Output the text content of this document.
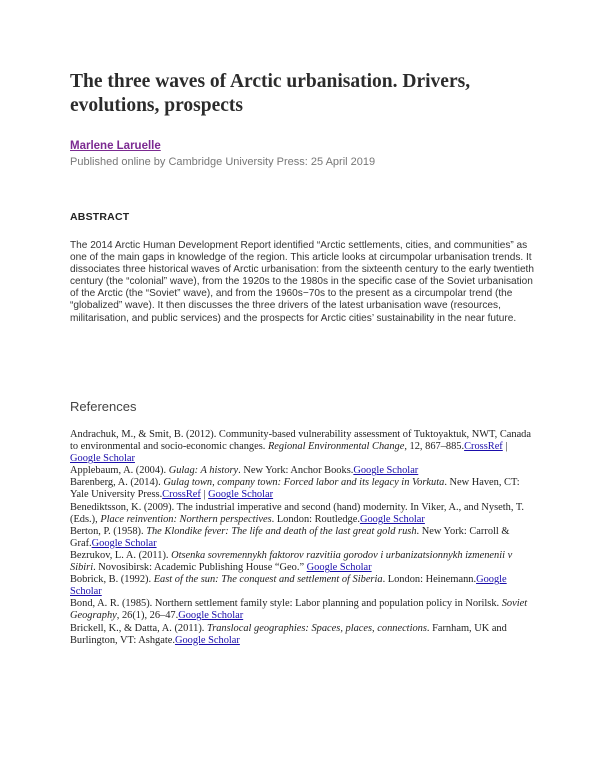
The three waves of Arctic urbanisation. Drivers, evolutions, prospects
Marlene Laruelle
Published online by Cambridge University Press: 25 April 2019
ABSTRACT

The 2014 Arctic Human Development Report identified “Arctic settlements, cities, and communities” as one of the main gaps in knowledge of the region. This article looks at circumpolar urbanisation trends. It dissociates three historical waves of Arctic urbanisation: from the sixteenth century to the early twentieth century (the “colonial” wave), from the 1920s to the 1980s in the specific case of the Soviet urbanisation of the Arctic (the “Soviet” wave), and from the 1960s−70s to the present as a circumpolar trend (the “globalized” wave). It then discusses the three drivers of the latest urbanisation wave (resources, militarisation, and public services) and the prospects for Arctic cities’ sustainability in the near future.

References

Andrachuk, M., & Smit, B. (2012). Community-based vulnerability assessment of Tuktoyaktuk, NWT, Canada to environmental and socio-economic changes. Regional Environmental Change, 12, 867–885.CrossRef | Google Scholar

Applebaum, A. (2004). Gulag: A history. New York: Anchor Books.Google Scholar

Barenberg, A. (2014). Gulag town, company town: Forced labor and its legacy in Vorkuta. New Haven, CT: Yale University Press.CrossRef | Google Scholar

Benediktsson, K. (2009). The industrial imperative and second (hand) modernity. In Viker, A., and Nyseth, T. (Eds.), Place reinvention: Northern perspectives. London: Routledge.Google Scholar

Berton, P. (1958). The Klondike fever: The life and death of the last great gold rush. New York: Carroll & Graf.Google Scholar

Bezrukov, L. A. (2011). Otsenka sovremennykh faktorov razvitiia gorodov i urbanizatsionnykh izmenenii v Sibiri. Novosibirsk: Academic Publishing House “Geo.” Google Scholar

Bobrick, B. (1992). East of the sun: The conquest and settlement of Siberia. London: Heinemann.Google Scholar

Bond, A. R. (1985). Northern settlement family style: Labor planning and population policy in Norilsk. Soviet Geography, 26(1), 26–47.Google Scholar

Brickell, K., & Datta, A. (2011). Translocal geographies: Spaces, places, connections. Farnham, UK and Burlington, VT: Ashgate.Google Scholar
